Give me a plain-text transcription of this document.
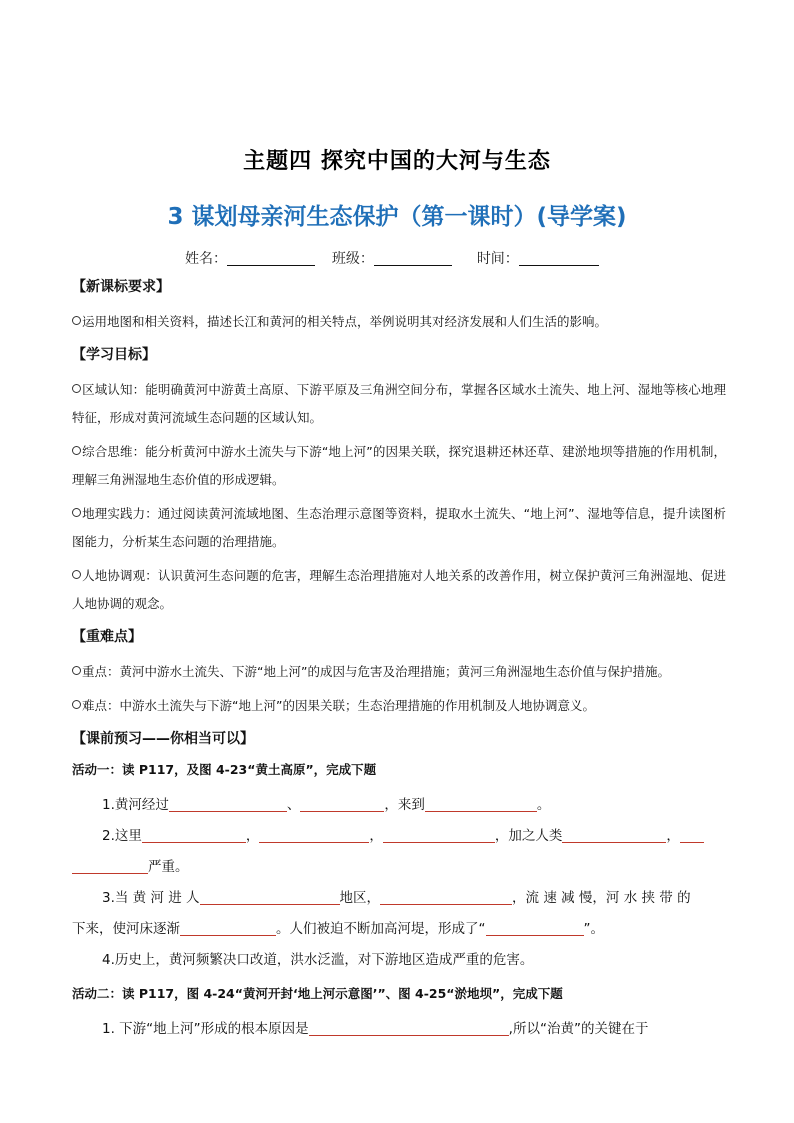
主题四 探究中国的大河与生态
3 谋划母亲河生态保护（第一课时）(导学案)
姓名：	班级：	时间：
【新课标要求】

运用地图和相关资料，描述长江和黄河的相关特点，举例说明其对经济发展和人们生活的影响。

【学习目标】

区域认知：能明确黄河中游黄土高原、下游平原及三角洲空间分布，掌握各区域水土流失、地上河、湿地等核心地理特征，形成对黄河流域生态问题的区域认知。

综合思维：能分析黄河中游水土流失与下游“地上河”的因果关联，探究退耕还林还草、建淤地坝等措施的作用机制，理解三角洲湿地生态价值的形成逻辑。

地理实践力：通过阅读黄河流域地图、生态治理示意图等资料，提取水土流失、“地上河”、湿地等信息，提升读图析图能力，分析某生态问题的治理措施。

人地协调观：认识黄河生态问题的危害，理解生态治理措施对人地关系的改善作用，树立保护黄河三角洲湿地、促进人地协调的观念。

【重难点】

重点：黄河中游水土流失、下游“地上河”的成因与危害及治理措施；黄河三角洲湿地生态价值与保护措施。

难点：中游水土流失与下游“地上河”的因果关联；生态治理措施的作用机制及人地协调意义。

【课前预习——你相当可以】
活动一：读 P117，及图 4-23“黄土高原”，完成下题

1.黄河经过	、	，来到	。

2.这里	，	，	，加之人类	，

严重。

3.当 黄 河 进 人	地区，	，流 速 减 慢，河 水 挟 带 的

下来，使河床逐渐	。人们被迫不断加高河堤，形成了“	”。

4.历史上，黄河频繁决口改道，洪水泛滥，对下游地区造成严重的危害。

活动二：读 P117，图 4-24“黄河开封‘地上河示意图’”、图 4-25“淤地坝”，完成下题

1. 下游“地上河”形成的根本原因是	,所以“治黄”的关键在于
